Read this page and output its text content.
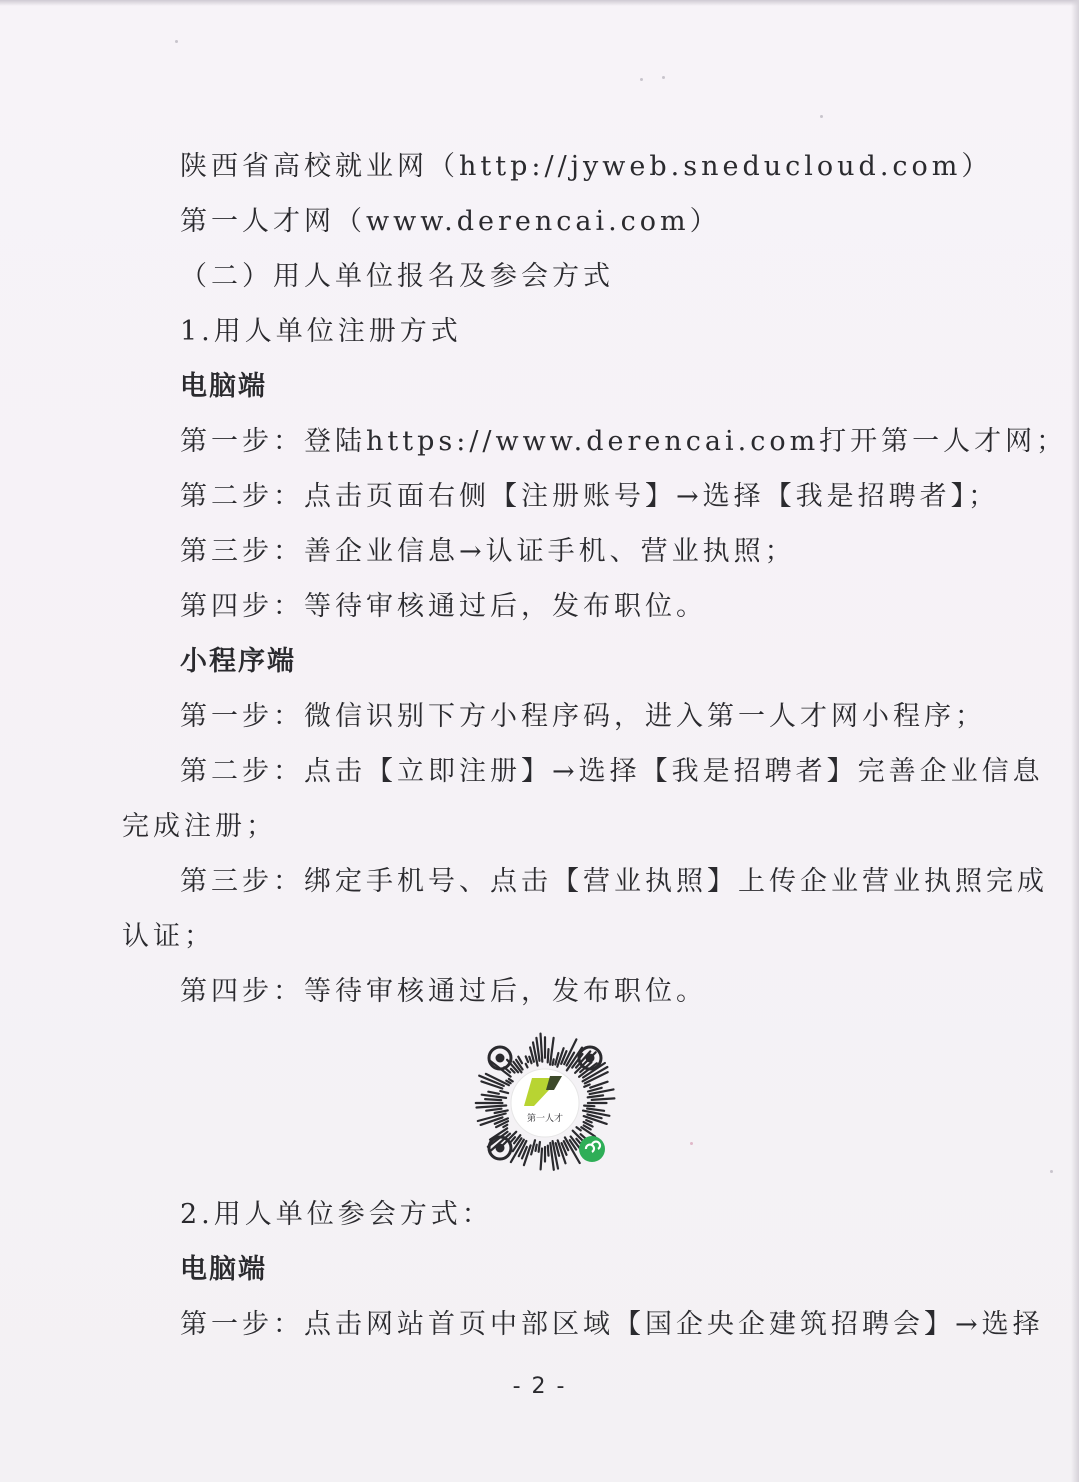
陕西省高校就业网（http://jyweb.sneducloud.com）
第一人才网（www.derencai.com）
（二）用人单位报名及参会方式
1.用人单位注册方式
电脑端
第一步：登陆https://www.derencai.com打开第一人才网；
第二步：点击页面右侧【注册账号】→选择【我是招聘者】；
第三步：善企业信息→认证手机、营业执照；
第四步：等待审核通过后，发布职位。
小程序端
第一步：微信识别下方小程序码，进入第一人才网小程序；
第二步：点击【立即注册】→选择【我是招聘者】完善企业信息
完成注册；
第三步：绑定手机号、点击【营业执照】上传企业营业执照完成
认证；
第四步：等待审核通过后，发布职位。
第一人才
2.用人单位参会方式：
电脑端
第一步：点击网站首页中部区域【国企央企建筑招聘会】→选择
- 2 -
